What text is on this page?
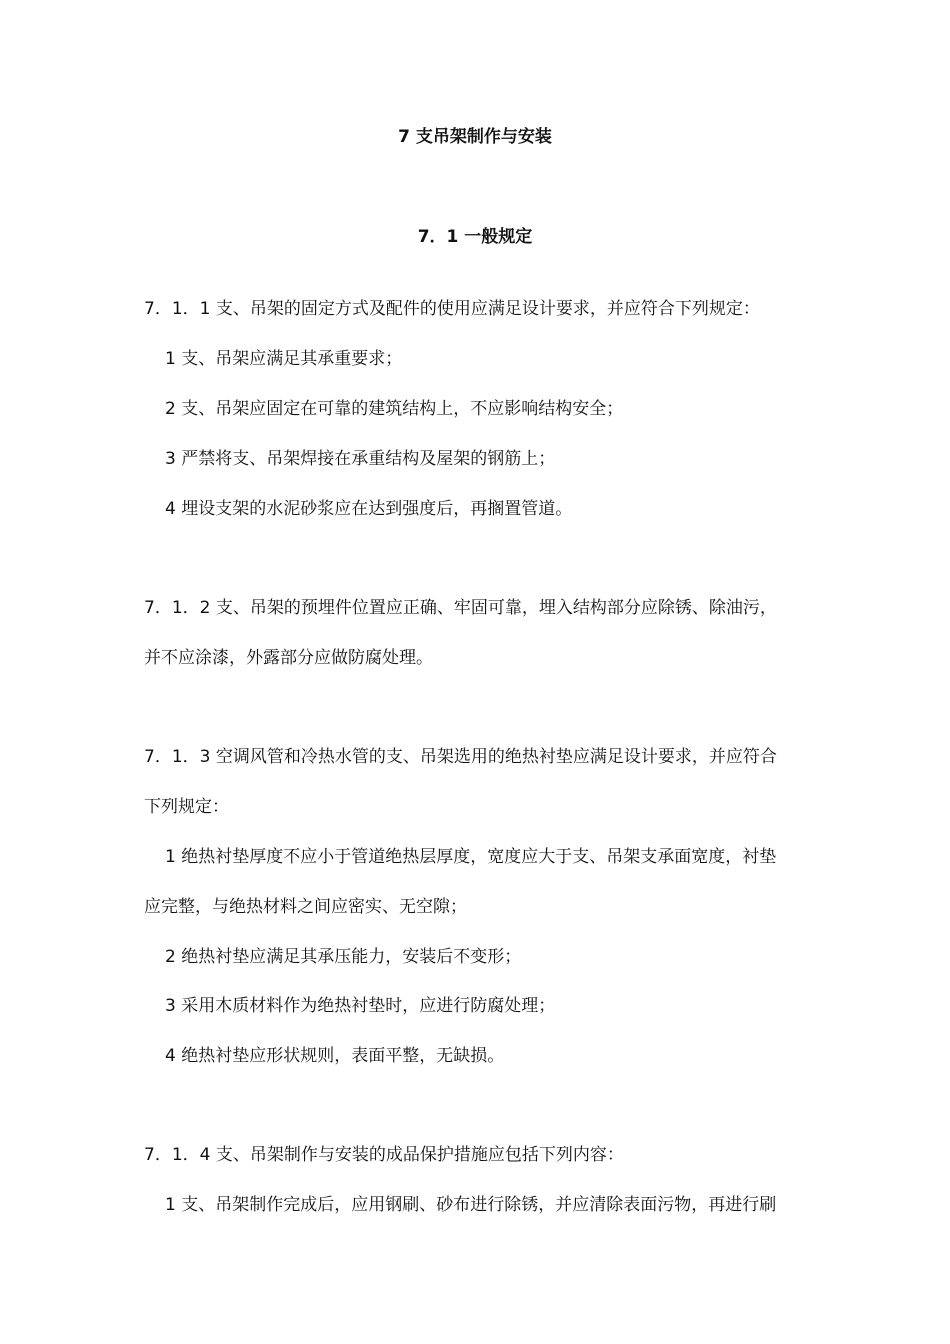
7 支吊架制作与安装
7．1 一般规定
7．1．1 支、吊架的固定方式及配件的使用应满足设计要求，并应符合下列规定：
1 支、吊架应满足其承重要求；
2 支、吊架应固定在可靠的建筑结构上，不应影响结构安全；
3 严禁将支、吊架焊接在承重结构及屋架的钢筋上；
4 埋设支架的水泥砂浆应在达到强度后，再搁置管道。
7．1．2 支、吊架的预埋件位置应正确、牢固可靠，埋入结构部分应除锈、除油污，
并不应涂漆，外露部分应做防腐处理。
7．1．3 空调风管和冷热水管的支、吊架选用的绝热衬垫应满足设计要求，并应符合
下列规定：
1 绝热衬垫厚度不应小于管道绝热层厚度，宽度应大于支、吊架支承面宽度，衬垫
应完整，与绝热材料之间应密实、无空隙；
2 绝热衬垫应满足其承压能力，安装后不变形；
3 采用木质材料作为绝热衬垫时，应进行防腐处理；
4 绝热衬垫应形状规则，表面平整，无缺损。
7．1．4 支、吊架制作与安装的成品保护措施应包括下列内容：
1 支、吊架制作完成后，应用钢刷、砂布进行除锈，并应清除表面污物，再进行刷
